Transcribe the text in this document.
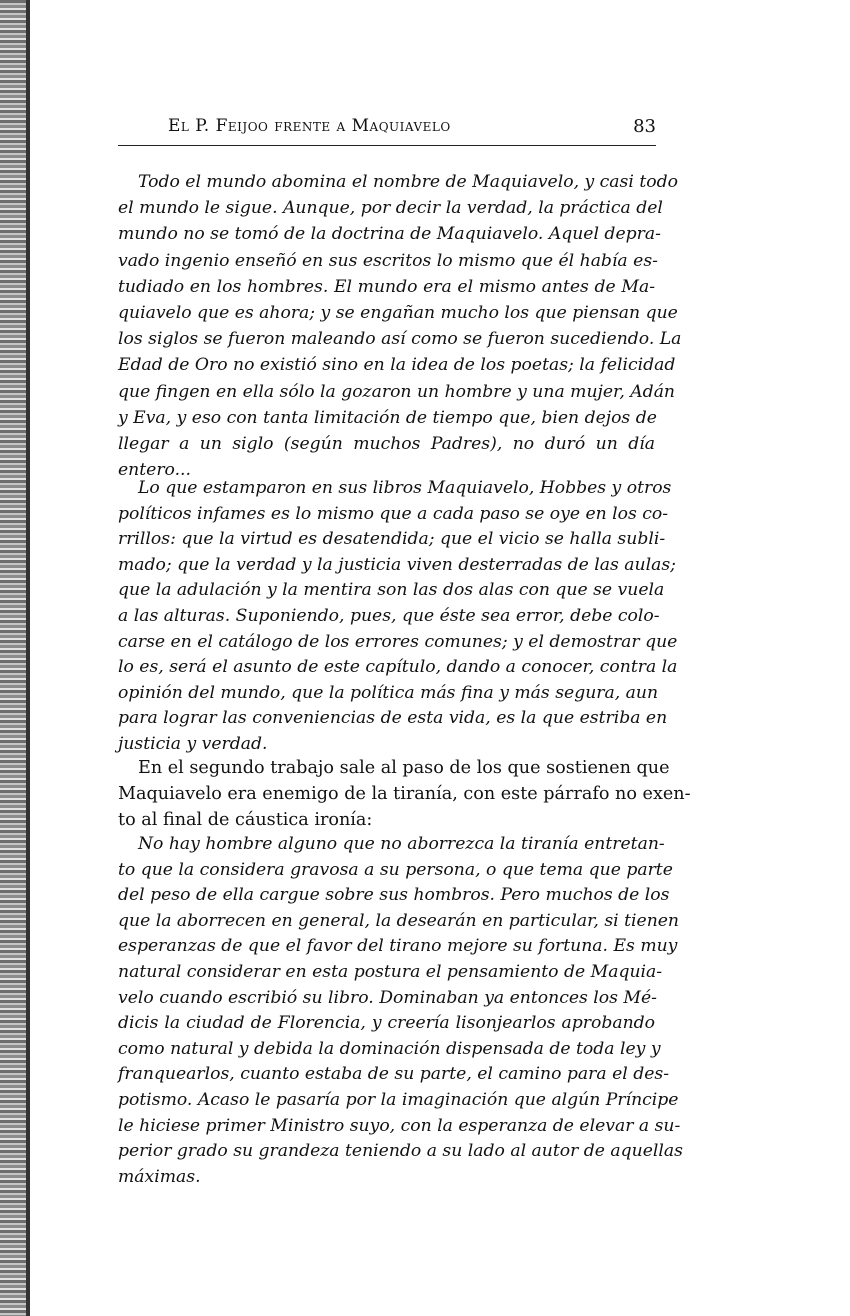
El P. Feijoo frente a Maquiavelo	83
Todo el mundo abomina el nombre de Maquiavelo, y casi todo
el mundo le sigue. Aunque, por decir la verdad, la práctica del
mundo no se tomó de la doctrina de Maquiavelo. Aquel depra-
vado ingenio enseñó en sus escritos lo mismo que él había es-
tudiado en los hombres. El mundo era el mismo antes de Ma-
quiavelo que es ahora; y se engañan mucho los que piensan que
los siglos se fueron maleando así como se fueron sucediendo. La
Edad de Oro no existió sino en la idea de los poetas; la felicidad
que fingen en ella sólo la gozaron un hombre y una mujer, Adán
y Eva, y eso con tanta limitación de tiempo que, bien dejos de
llegar a un siglo (según muchos Padres), no duró un día
entero...
Lo que estamparon en sus libros Maquiavelo, Hobbes y otros
políticos infames es lo mismo que a cada paso se oye en los co-
rrillos: que la virtud es desatendida; que el vicio se halla subli-
mado; que la verdad y la justicia viven desterradas de las aulas;
que la adulación y la mentira son las dos alas con que se vuela
a las alturas. Suponiendo, pues, que éste sea error, debe colo-
carse en el catálogo de los errores comunes; y el demostrar que
lo es, será el asunto de este capítulo, dando a conocer, contra la
opinión del mundo, que la política más fina y más segura, aun
para lograr las conveniencias de esta vida, es la que estriba en
justicia y verdad.
En el segundo trabajo sale al paso de los que sostienen que
Maquiavelo era enemigo de la tiranía, con este párrafo no exen-
to al final de cáustica ironía:
No hay hombre alguno que no aborrezca la tiranía entretan-
to que la considera gravosa a su persona, o que tema que parte
del peso de ella cargue sobre sus hombros. Pero muchos de los
que la aborrecen en general, la desearán en particular, si tienen
esperanzas de que el favor del tirano mejore su fortuna. Es muy
natural considerar en esta postura el pensamiento de Maquia-
velo cuando escribió su libro. Dominaban ya entonces los Mé-
dicis la ciudad de Florencia, y creería lisonjearlos aprobando
como natural y debida la dominación dispensada de toda ley y
franquearlos, cuanto estaba de su parte, el camino para el des-
potismo. Acaso le pasaría por la imaginación que algún Príncipe
le hiciese primer Ministro suyo, con la esperanza de elevar a su-
perior grado su grandeza teniendo a su lado al autor de aquellas
máximas.
